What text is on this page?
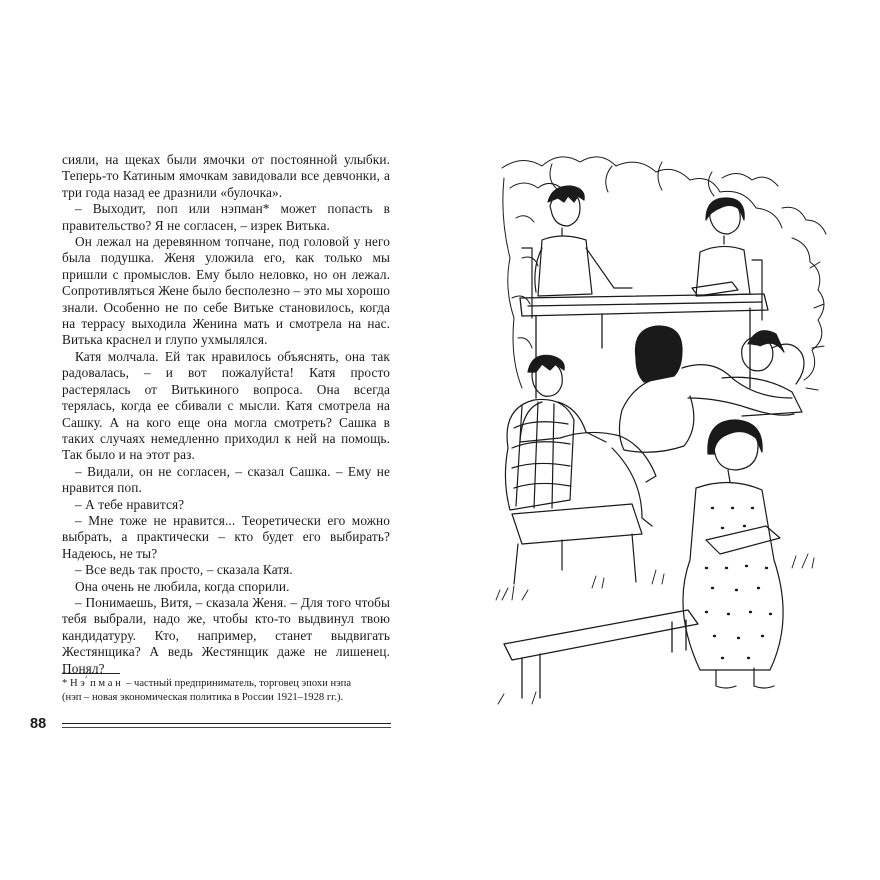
сияли, на щеках были ямочки от постоянной улыбки. Теперь-то Катиным ямочкам завидовали все девчонки, а три года назад ее дразнили «булочка».

– Выходит, поп или нэпман* может попасть в правительство? Я не согласен, – изрек Витька.

Он лежал на деревянном топчане, под головой у него была подушка. Женя уложила его, как только мы пришли с промыслов. Ему было неловко, но он лежал. Сопротивляться Жене было бесполезно – это мы хорошо знали. Особенно не по себе Витьке становилось, когда на террасу выходила Женина мать и смотрела на нас. Витька краснел и глупо ухмылялся.

Катя молчала. Ей так нравилось объяснять, она так радовалась, – и вот пожалуйста! Катя просто растерялась от Витькиного вопроса. Она всегда терялась, когда ее сбивали с мысли. Катя смотрела на Сашку. А на кого еще она могла смотреть? Сашка в таких случаях немедленно приходил к ней на помощь. Так было и на этот раз.

– Видали, он не согласен, – сказал Сашка. – Ему не нравится поп.

– А тебе нравится?

– Мне тоже не нравится... Теоретически его можно выбрать, а практически – кто будет его выбирать? Надеюсь, не ты?

– Все ведь так просто, – сказала Катя.

Она очень не любила, когда спорили.

– Понимаешь, Витя, – сказала Женя. – Для того чтобы тебя выбрали, надо же, чтобы кто-то выдвинул твою кандидатуру. Кто, например, станет выдвигать Жестянщика? А ведь Жестянщик даже не лишенец. Понял?

* Н э ́ п м а н  – частный предприниматель, торговец эпохи нэпа
(нэп – новая экономическая политика в России 1921–1928 гг.).
88
